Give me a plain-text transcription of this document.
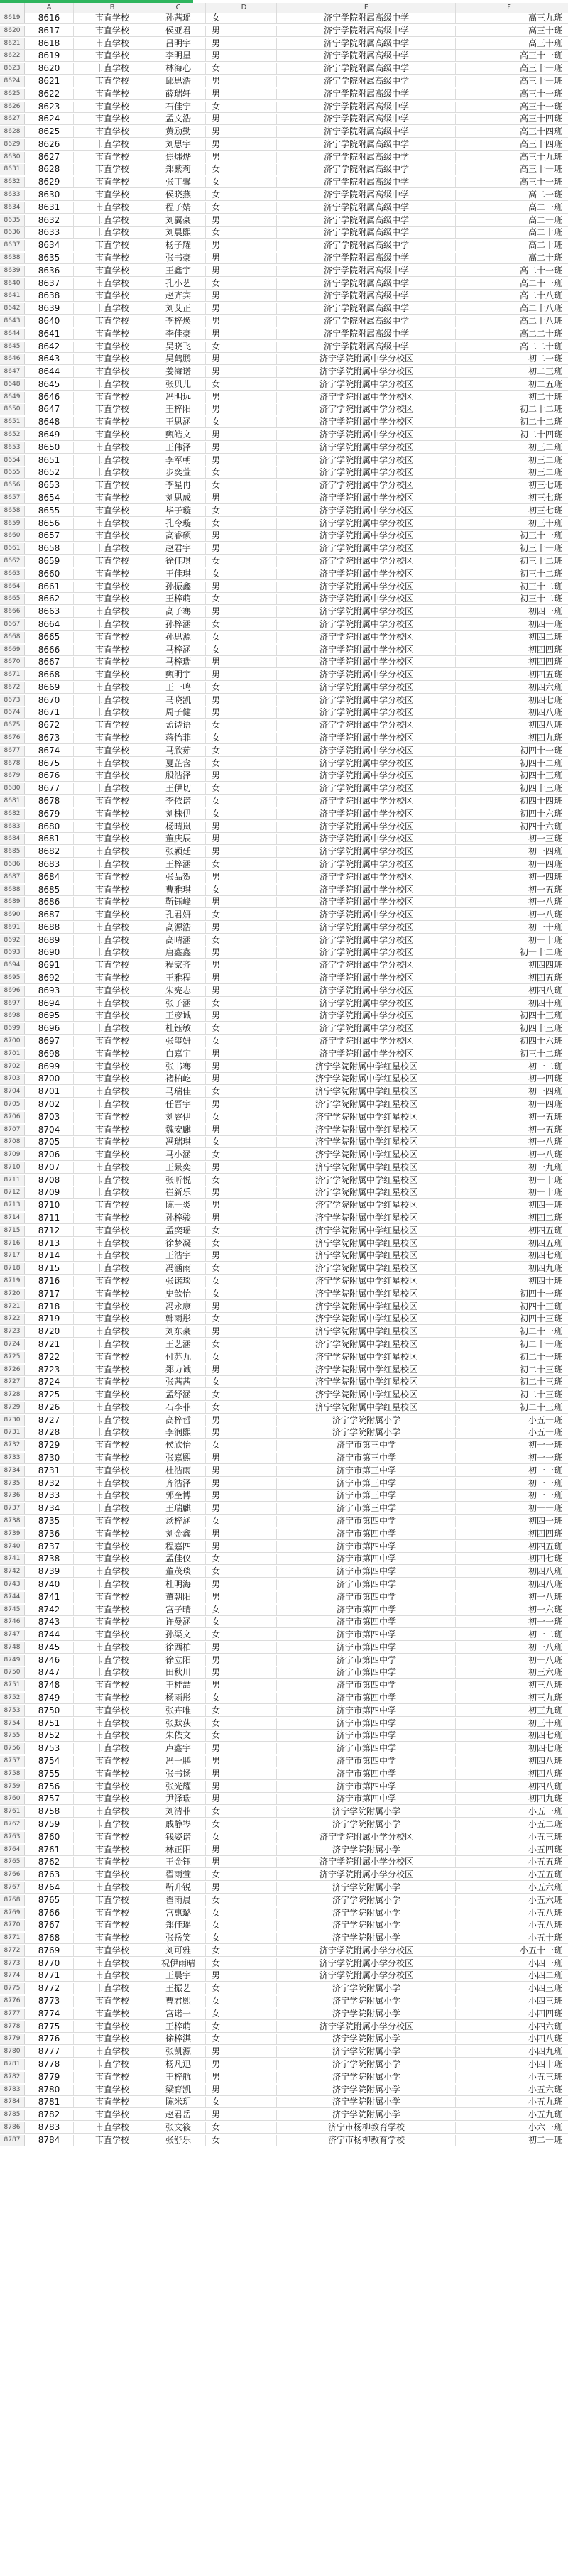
A	B	C	D	E	F
8619	8616	市直学校	孙茜瑶	女	济宁学院附属高级中学	高三九班
8620	8617	市直学校	侯亚君	男	济宁学院附属高级中学	高三十班
8621	8618	市直学校	吕明宇	男	济宁学院附属高级中学	高三十班
8622	8619	市直学校	李明星	男	济宁学院附属高级中学	高三十一班
8623	8620	市直学校	林海心	女	济宁学院附属高级中学	高三十一班
8624	8621	市直学校	邱思浩	男	济宁学院附属高级中学	高三十一班
8625	8622	市直学校	薛瑞轩	男	济宁学院附属高级中学	高三十一班
8626	8623	市直学校	石佳宁	女	济宁学院附属高级中学	高三十一班
8627	8624	市直学校	孟文浩	男	济宁学院附属高级中学	高三十四班
8628	8625	市直学校	黄励勤	男	济宁学院附属高级中学	高三十四班
8629	8626	市直学校	刘思宇	男	济宁学院附属高级中学	高三十四班
8630	8627	市直学校	焦炜烨	男	济宁学院附属高级中学	高三十九班
8631	8628	市直学校	郑紫莉	女	济宁学院附属高级中学	高三十一班
8632	8629	市直学校	张丁馨	女	济宁学院附属高级中学	高三十一班
8633	8630	市直学校	侯晓燕	女	济宁学院附属高级中学	高二一班
8634	8631	市直学校	程子婧	女	济宁学院附属高级中学	高二一班
8635	8632	市直学校	刘翼豪	男	济宁学院附属高级中学	高二一班
8636	8633	市直学校	刘晨熙	女	济宁学院附属高级中学	高二十班
8637	8634	市直学校	杨子耀	男	济宁学院附属高级中学	高二十班
8638	8635	市直学校	张书豪	男	济宁学院附属高级中学	高二十班
8639	8636	市直学校	王鑫宇	男	济宁学院附属高级中学	高二十一班
8640	8637	市直学校	孔小艺	女	济宁学院附属高级中学	高二十一班
8641	8638	市直学校	赵齐宾	男	济宁学院附属高级中学	高二十八班
8642	8639	市直学校	刘艾正	男	济宁学院附属高级中学	高二十八班
8643	8640	市直学校	李梓焕	男	济宁学院附属高级中学	高二十八班
8644	8641	市直学校	李佳豪	男	济宁学院附属高级中学	高二二十班
8645	8642	市直学校	吴晓飞	女	济宁学院附属高级中学	高二二十班
8646	8643	市直学校	吴鹤鹏	男	济宁学院附属中学分校区	初二一班
8647	8644	市直学校	姜海诺	男	济宁学院附属中学分校区	初二三班
8648	8645	市直学校	张贝儿	女	济宁学院附属中学分校区	初二五班
8649	8646	市直学校	冯明远	男	济宁学院附属中学分校区	初二十班
8650	8647	市直学校	王梓阳	男	济宁学院附属中学分校区	初二十二班
8651	8648	市直学校	王思涵	女	济宁学院附属中学分校区	初二十二班
8652	8649	市直学校	甄皓文	男	济宁学院附属中学分校区	初二十四班
8653	8650	市直学校	王伟泽	男	济宁学院附属中学分校区	初三二班
8654	8651	市直学校	李军朝	男	济宁学院附属中学分校区	初三二班
8655	8652	市直学校	步奕萱	女	济宁学院附属中学分校区	初三二班
8656	8653	市直学校	李星冉	女	济宁学院附属中学分校区	初三七班
8657	8654	市直学校	刘思成	男	济宁学院附属中学分校区	初三七班
8658	8655	市直学校	毕子璇	女	济宁学院附属中学分校区	初三七班
8659	8656	市直学校	孔令璇	女	济宁学院附属中学分校区	初三十班
8660	8657	市直学校	高睿硕	男	济宁学院附属中学分校区	初三十一班
8661	8658	市直学校	赵君宇	男	济宁学院附属中学分校区	初三十一班
8662	8659	市直学校	徐佳琪	女	济宁学院附属中学分校区	初三十二班
8663	8660	市直学校	王佳琪	女	济宁学院附属中学分校区	初三十二班
8664	8661	市直学校	孙振鑫	男	济宁学院附属中学分校区	初三十二班
8665	8662	市直学校	王梓萌	女	济宁学院附属中学分校区	初三十二班
8666	8663	市直学校	高子骞	男	济宁学院附属中学分校区	初四一班
8667	8664	市直学校	孙梓涵	女	济宁学院附属中学分校区	初四一班
8668	8665	市直学校	孙思源	女	济宁学院附属中学分校区	初四二班
8669	8666	市直学校	马梓涵	女	济宁学院附属中学分校区	初四四班
8670	8667	市直学校	马梓瑞	男	济宁学院附属中学分校区	初四四班
8671	8668	市直学校	甄明宇	男	济宁学院附属中学分校区	初四五班
8672	8669	市直学校	王一鸣	女	济宁学院附属中学分校区	初四六班
8673	8670	市直学校	马晓凯	男	济宁学院附属中学分校区	初四七班
8674	8671	市直学校	周子健	男	济宁学院附属中学分校区	初四八班
8675	8672	市直学校	孟诗语	女	济宁学院附属中学分校区	初四八班
8676	8673	市直学校	蒋怡菲	女	济宁学院附属中学分校区	初四九班
8677	8674	市直学校	马欣茹	女	济宁学院附属中学分校区	初四十一班
8678	8675	市直学校	夏芷含	女	济宁学院附属中学分校区	初四十二班
8679	8676	市直学校	殷浩泽	男	济宁学院附属中学分校区	初四十三班
8680	8677	市直学校	王伊切	女	济宁学院附属中学分校区	初四十三班
8681	8678	市直学校	李依诺	女	济宁学院附属中学分校区	初四十四班
8682	8679	市直学校	刘株伊	女	济宁学院附属中学分校区	初四十六班
8683	8680	市直学校	杨晴岚	男	济宁学院附属中学分校区	初四十六班
8684	8681	市直学校	董庆辰	男	济宁学院附属中学分校区	初一三班
8685	8682	市直学校	张颖廷	男	济宁学院附属中学分校区	初一四班
8686	8683	市直学校	王梓涵	女	济宁学院附属中学分校区	初一四班
8687	8684	市直学校	张品贺	男	济宁学院附属中学分校区	初一四班
8688	8685	市直学校	曹雅琪	女	济宁学院附属中学分校区	初一五班
8689	8686	市直学校	靳钰峰	男	济宁学院附属中学分校区	初一八班
8690	8687	市直学校	孔君妍	女	济宁学院附属中学分校区	初一八班
8691	8688	市直学校	高源浩	男	济宁学院附属中学分校区	初一十班
8692	8689	市直学校	高晴涵	女	济宁学院附属中学分校区	初一十班
8693	8690	市直学校	唐鑫鑫	男	济宁学院附属中学分校区	初一十二班
8694	8691	市直学校	程家齐	男	济宁学院附属中学分校区	初四四班
8695	8692	市直学校	王雅程	男	济宁学院附属中学分校区	初四五班
8696	8693	市直学校	朱宪志	男	济宁学院附属中学分校区	初四八班
8697	8694	市直学校	张子涵	女	济宁学院附属中学分校区	初四十班
8698	8695	市直学校	王彦诚	男	济宁学院附属中学分校区	初四十三班
8699	8696	市直学校	杜钰敏	女	济宁学院附属中学分校区	初四十三班
8700	8697	市直学校	张玺妍	女	济宁学院附属中学分校区	初四十六班
8701	8698	市直学校	白嘉宇	男	济宁学院附属中学分校区	初三十二班
8702	8699	市直学校	张书骞	男	济宁学院附属中学红星校区	初一二班
8703	8700	市直学校	褚柏屹	男	济宁学院附属中学红星校区	初一四班
8704	8701	市直学校	马瑞佳	女	济宁学院附属中学红星校区	初一四班
8705	8702	市直学校	任晋宇	男	济宁学院附属中学红星校区	初一四班
8706	8703	市直学校	刘睿伊	女	济宁学院附属中学红星校区	初一五班
8707	8704	市直学校	魏安麒	男	济宁学院附属中学红星校区	初一五班
8708	8705	市直学校	冯瑞琪	女	济宁学院附属中学红星校区	初一八班
8709	8706	市直学校	马小涵	女	济宁学院附属中学红星校区	初一八班
8710	8707	市直学校	王景奕	男	济宁学院附属中学红星校区	初一九班
8711	8708	市直学校	张昕悦	女	济宁学院附属中学红星校区	初一十班
8712	8709	市直学校	崔新乐	男	济宁学院附属中学红星校区	初一十班
8713	8710	市直学校	陈一炎	男	济宁学院附属中学红星校区	初四一班
8714	8711	市直学校	孙梓骏	男	济宁学院附属中学红星校区	初四二班
8715	8712	市直学校	孟奕瑶	女	济宁学院附属中学红星校区	初四五班
8716	8713	市直学校	徐梦凝	女	济宁学院附属中学红星校区	初四五班
8717	8714	市直学校	王浩宇	男	济宁学院附属中学红星校区	初四七班
8718	8715	市直学校	冯涵雨	女	济宁学院附属中学红星校区	初四九班
8719	8716	市直学校	张诺琰	女	济宁学院附属中学红星校区	初四十班
8720	8717	市直学校	史歆怡	女	济宁学院附属中学红星校区	初四十一班
8721	8718	市直学校	冯永康	男	济宁学院附属中学红星校区	初四十三班
8722	8719	市直学校	韩雨彤	女	济宁学院附属中学红星校区	初四十三班
8723	8720	市直学校	刘东豪	男	济宁学院附属中学红星校区	初二十一班
8724	8721	市直学校	王艺涵	女	济宁学院附属中学红星校区	初二十一班
8725	8722	市直学校	付苏九	女	济宁学院附属中学红星校区	初二十一班
8726	8723	市直学校	郑力诚	男	济宁学院附属中学红星校区	初二十三班
8727	8724	市直学校	张茜茜	女	济宁学院附属中学红星校区	初二十三班
8728	8725	市直学校	孟纾涵	女	济宁学院附属中学红星校区	初二十三班
8729	8726	市直学校	石李菲	女	济宁学院附属中学红星校区	初二十三班
8730	8727	市直学校	高梓哲	男	济宁学院附属小学	小五一班
8731	8728	市直学校	李润熙	男	济宁学院附属小学	小五一班
8732	8729	市直学校	侯欣怡	女	济宁市第三中学	初一一班
8733	8730	市直学校	张嘉熙	男	济宁市第三中学	初一一班
8734	8731	市直学校	杜浩雨	男	济宁市第三中学	初一一班
8735	8732	市直学校	齐浩泽	男	济宁市第三中学	初一一班
8736	8733	市直学校	郭奎博	男	济宁市第三中学	初一一班
8737	8734	市直学校	王瑞麒	男	济宁市第三中学	初一一班
8738	8735	市直学校	汤梓涵	女	济宁市第四中学	初四一班
8739	8736	市直学校	刘金鑫	男	济宁市第四中学	初四四班
8740	8737	市直学校	程嘉四	男	济宁市第四中学	初四五班
8741	8738	市直学校	孟佳仪	女	济宁市第四中学	初四七班
8742	8739	市直学校	董茂琰	女	济宁市第四中学	初四八班
8743	8740	市直学校	杜明海	男	济宁市第四中学	初四八班
8744	8741	市直学校	董朝阳	男	济宁市第四中学	初一八班
8745	8742	市直学校	宫子晴	女	济宁市第四中学	初一六班
8746	8743	市直学校	许曼涵	女	济宁市第四中学	初一一班
8747	8744	市直学校	孙渠文	女	济宁市第四中学	初一二班
8748	8745	市直学校	徐西柏	男	济宁市第四中学	初一八班
8749	8746	市直学校	徐立阳	男	济宁市第四中学	初一八班
8750	8747	市直学校	田秋川	男	济宁市第四中学	初三六班
8751	8748	市直学校	王桂喆	男	济宁市第四中学	初三八班
8752	8749	市直学校	杨雨彤	女	济宁市第四中学	初三九班
8753	8750	市直学校	张卉唯	女	济宁市第四中学	初三九班
8754	8751	市直学校	张默荻	女	济宁市第四中学	初三十班
8755	8752	市直学校	朱依文	女	济宁市第四中学	初四七班
8756	8753	市直学校	卢鑫宇	男	济宁市第四中学	初四七班
8757	8754	市直学校	冯一鹏	男	济宁市第四中学	初四八班
8758	8755	市直学校	张书扬	男	济宁市第四中学	初四八班
8759	8756	市直学校	张光耀	男	济宁市第四中学	初四八班
8760	8757	市直学校	尹泽瑞	男	济宁市第四中学	初四九班
8761	8758	市直学校	刘清菲	女	济宁学院附属小学	小五一班
8762	8759	市直学校	戚静岑	女	济宁学院附属小学	小五二班
8763	8760	市直学校	钱姿诺	女	济宁学院附属小学分校区	小五三班
8764	8761	市直学校	林正阳	男	济宁学院附属小学	小五四班
8765	8762	市直学校	王金钰	男	济宁学院附属小学分校区	小五五班
8766	8763	市直学校	翟雨萱	女	济宁学院附属小学分校区	小五五班
8767	8764	市直学校	靳升锐	男	济宁学院附属小学	小五六班
8768	8765	市直学校	翟雨晨	女	济宁学院附属小学	小五六班
8769	8766	市直学校	宫惠璐	女	济宁学院附属小学	小五八班
8770	8767	市直学校	郑佳瑶	女	济宁学院附属小学	小五八班
8771	8768	市直学校	张岳笑	女	济宁学院附属小学	小五十班
8772	8769	市直学校	刘可雅	女	济宁学院附属小学分校区	小五十一班
8773	8770	市直学校	祝伊雨晴	女	济宁学院附属小学分校区	小四一班
8774	8771	市直学校	王晨宇	男	济宁学院附属小学分校区	小四二班
8775	8772	市直学校	王振艺	女	济宁学院附属小学	小四三班
8776	8773	市直学校	曹君熙	女	济宁学院附属小学	小四三班
8777	8774	市直学校	宫诺一	女	济宁学院附属小学	小四四班
8778	8775	市直学校	王梓萌	女	济宁学院附属小学分校区	小四六班
8779	8776	市直学校	徐梓淇	女	济宁学院附属小学	小四八班
8780	8777	市直学校	张凯源	男	济宁学院附属小学	小四九班
8781	8778	市直学校	杨凡迅	男	济宁学院附属小学	小四十班
8782	8779	市直学校	王梓航	男	济宁学院附属小学	小五三班
8783	8780	市直学校	梁育凯	男	济宁学院附属小学	小五六班
8784	8781	市直学校	陈米玥	女	济宁学院附属小学	小五九班
8785	8782	市直学校	赵君岳	男	济宁学院附属小学	小五九班
8786	8783	市直学校	张文筱	女	济宁市杨柳教育学校	小六一班
8787	8784	市直学校	张舒乐	女	济宁市杨柳教育学校	初二一班
